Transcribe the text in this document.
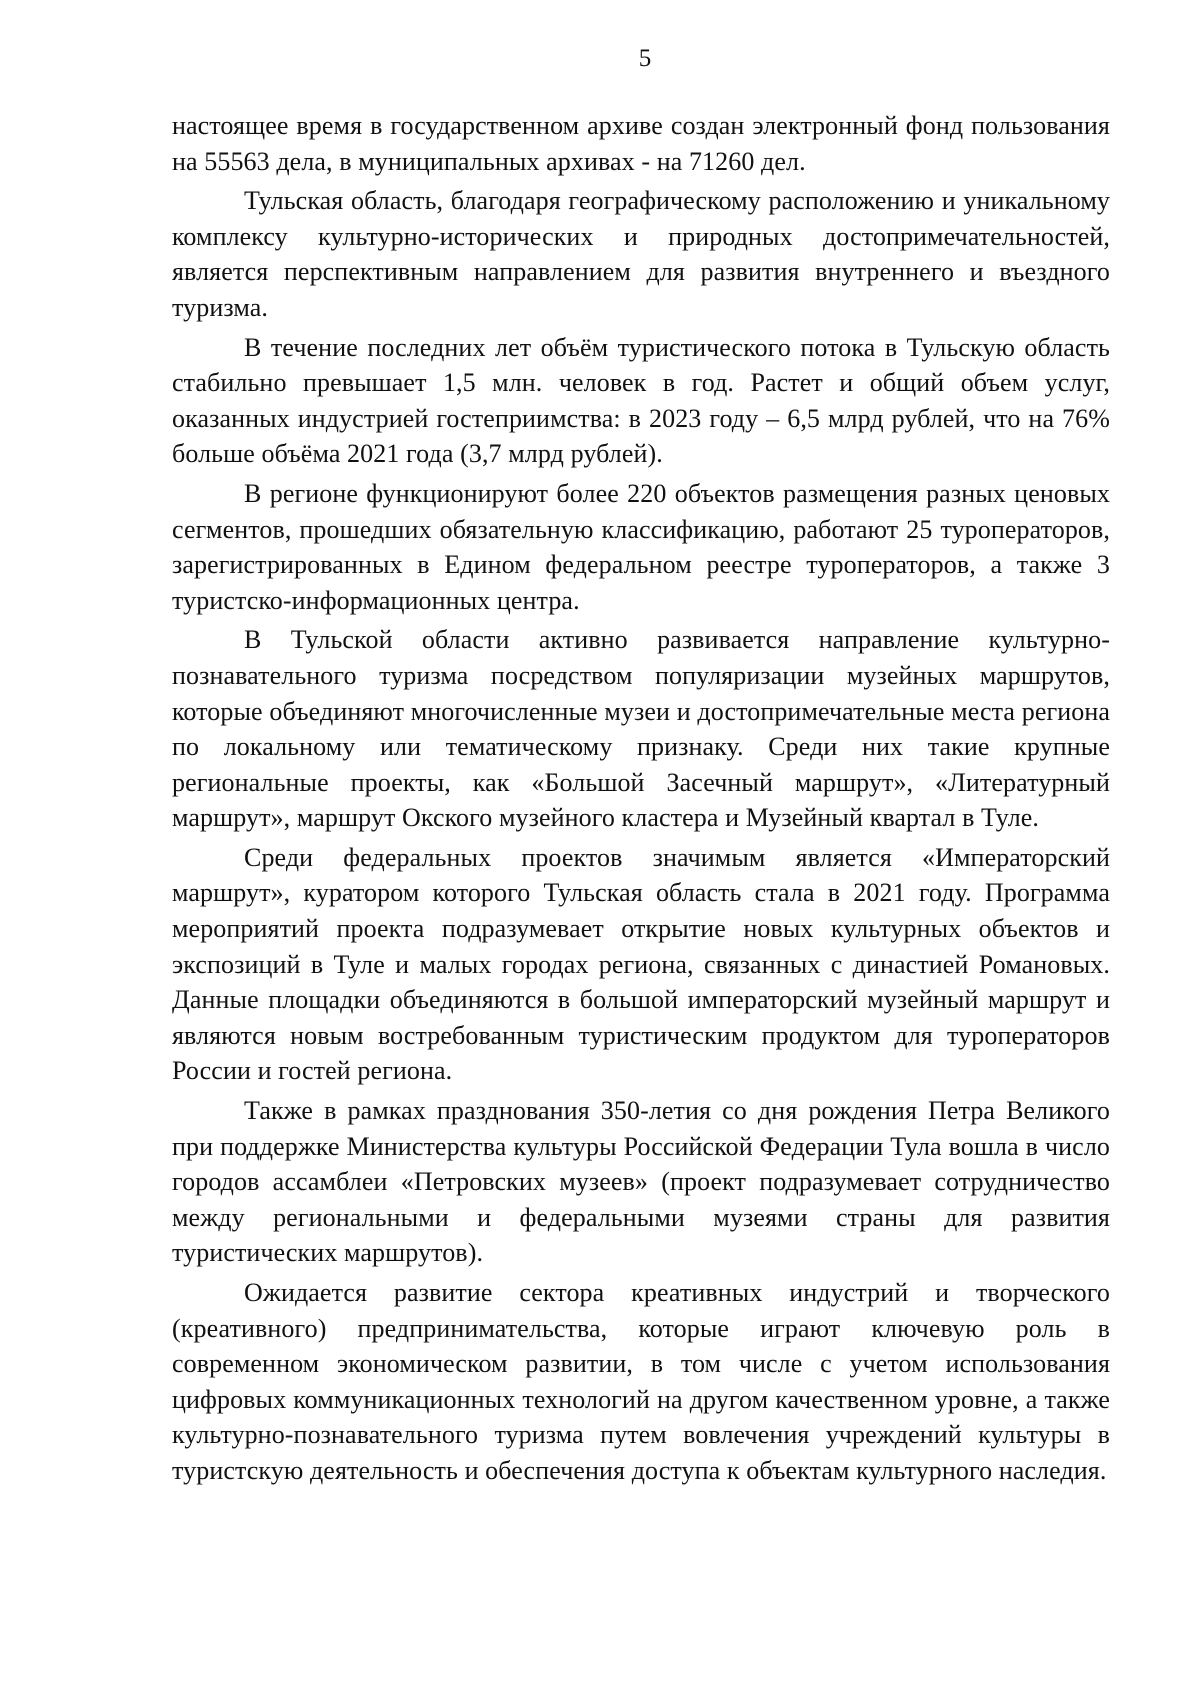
5

настоящее время в государственном архиве создан электронный фонд пользования на 55563 дела, в муниципальных архивах - на 71260 дел.

Тульская область, благодаря географическому расположению и уникальному комплексу культурно-исторических и природных достопримечательностей, является перспективным направлением для развития внутреннего и въездного туризма.

В течение последних лет объём туристического потока в Тульскую область стабильно превышает 1,5 млн. человек в год. Растет и общий объем услуг, оказанных индустрией гостеприимства: в 2023 году – 6,5 млрд рублей, что на 76% больше объёма 2021 года (3,7 млрд рублей).

В регионе функционируют более 220 объектов размещения разных ценовых сегментов, прошедших обязательную классификацию, работают 25 туроператоров, зарегистрированных в Едином федеральном реестре туроператоров, а также 3 туристско-информационных центра.

В Тульской области активно развивается направление культурно-познавательного туризма посредством популяризации музейных маршрутов, которые объединяют многочисленные музеи и достопримечательные места региона по локальному или тематическому признаку. Среди них такие крупные региональные проекты, как «Большой Засечный маршрут», «Литературный маршрут», маршрут Окского музейного кластера и Музейный квартал в Туле.

Среди федеральных проектов значимым является «Императорский маршрут», куратором которого Тульская область стала в 2021 году. Программа мероприятий проекта подразумевает открытие новых культурных объектов и экспозиций в Туле и малых городах региона, связанных с династией Романовых. Данные площадки объединяются в большой императорский музейный маршрут и являются новым востребованным туристическим продуктом для туроператоров России и гостей региона.

Также в рамках празднования 350-летия со дня рождения Петра Великого при поддержке Министерства культуры Российской Федерации Тула вошла в число городов ассамблеи «Петровских музеев» (проект подразумевает сотрудничество между региональными и федеральными музеями страны для развития туристических маршрутов).

Ожидается развитие сектора креативных индустрий и творческого (креативного) предпринимательства, которые играют ключевую роль в современном экономическом развитии, в том числе с учетом использования цифровых коммуникационных технологий на другом качественном уровне, а также культурно-познавательного туризма путем вовлечения учреждений культуры в туристскую деятельность и обеспечения доступа к объектам культурного наследия.
